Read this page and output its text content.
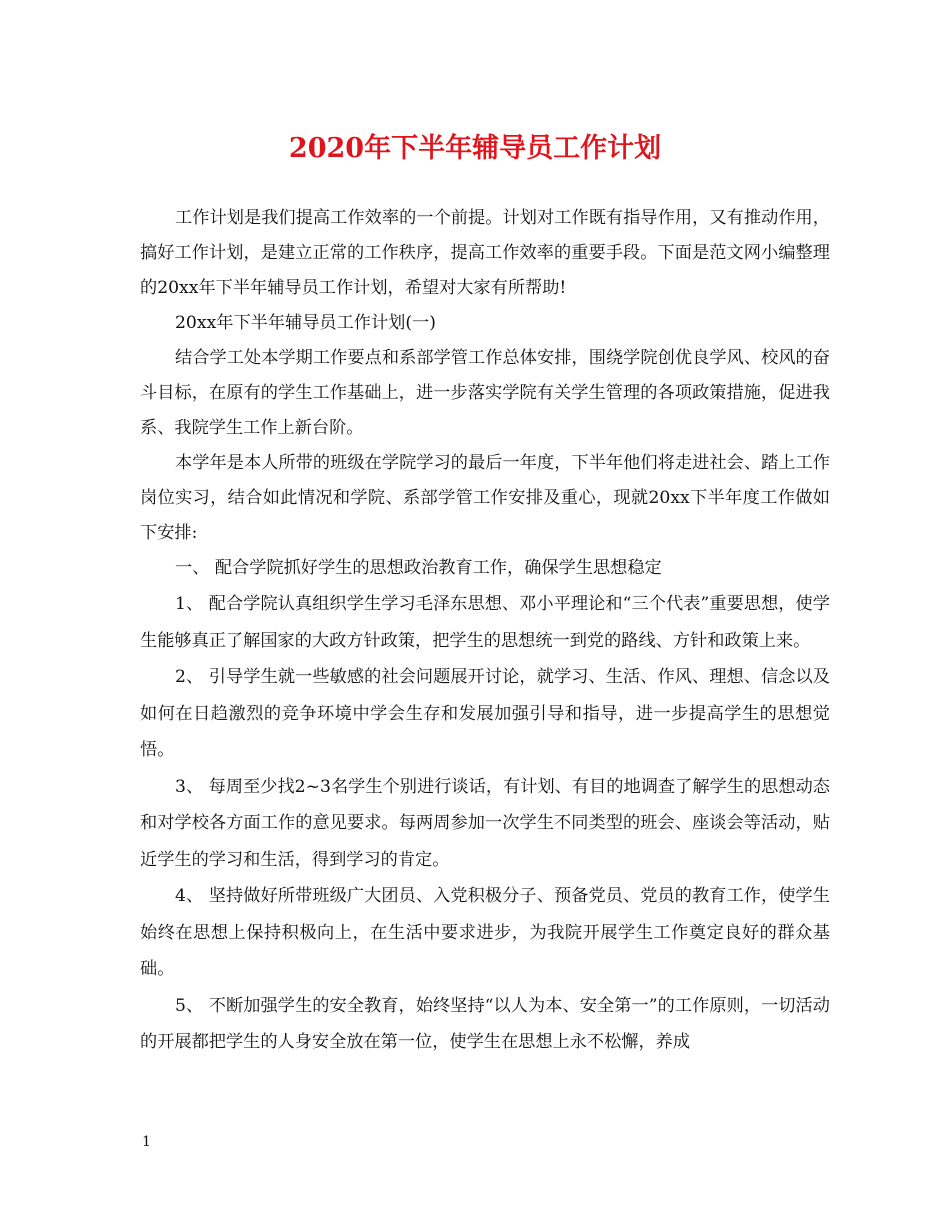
2020年下半年辅导员工作计划

工作计划是我们提高工作效率的一个前提。计划对工作既有指导作用，又有推动作用，搞好工作计划，是建立正常的工作秩序，提高工作效率的重要手段。下面是范文网小编整理的20xx年下半年辅导员工作计划，希望对大家有所帮助!

20xx年下半年辅导员工作计划(一)

结合学工处本学期工作要点和系部学管工作总体安排，围绕学院创优良学风、校风的奋斗目标，在原有的学生工作基础上，进一步落实学院有关学生管理的各项政策措施，促进我系、我院学生工作上新台阶。

本学年是本人所带的班级在学院学习的最后一年度，下半年他们将走进社会、踏上工作岗位实习，结合如此情况和学院、系部学管工作安排及重心，现就20xx下半年度工作做如下安排:

一、 配合学院抓好学生的思想政治教育工作，确保学生思想稳定

1、 配合学院认真组织学生学习毛泽东思想、邓小平理论和“三个代表”重要思想，使学生能够真正了解国家的大政方针政策，把学生的思想统一到党的路线、方针和政策上来。

2、 引导学生就一些敏感的社会问题展开讨论，就学习、生活、作风、理想、信念以及如何在日趋激烈的竞争环境中学会生存和发展加强引导和指导，进一步提高学生的思想觉悟。

3、 每周至少找2~3名学生个别进行谈话，有计划、有目的地调查了解学生的思想动态和对学校各方面工作的意见要求。每两周参加一次学生不同类型的班会、座谈会等活动，贴近学生的学习和生活，得到学习的肯定。

4、 坚持做好所带班级广大团员、入党积极分子、预备党员、党员的教育工作，使学生始终在思想上保持积极向上，在生活中要求进步，为我院开展学生工作奠定良好的群众基础。

5、 不断加强学生的安全教育，始终坚持“以人为本、安全第一”的工作原则，一切活动的开展都把学生的人身安全放在第一位，使学生在思想上永不松懈，养成

1
